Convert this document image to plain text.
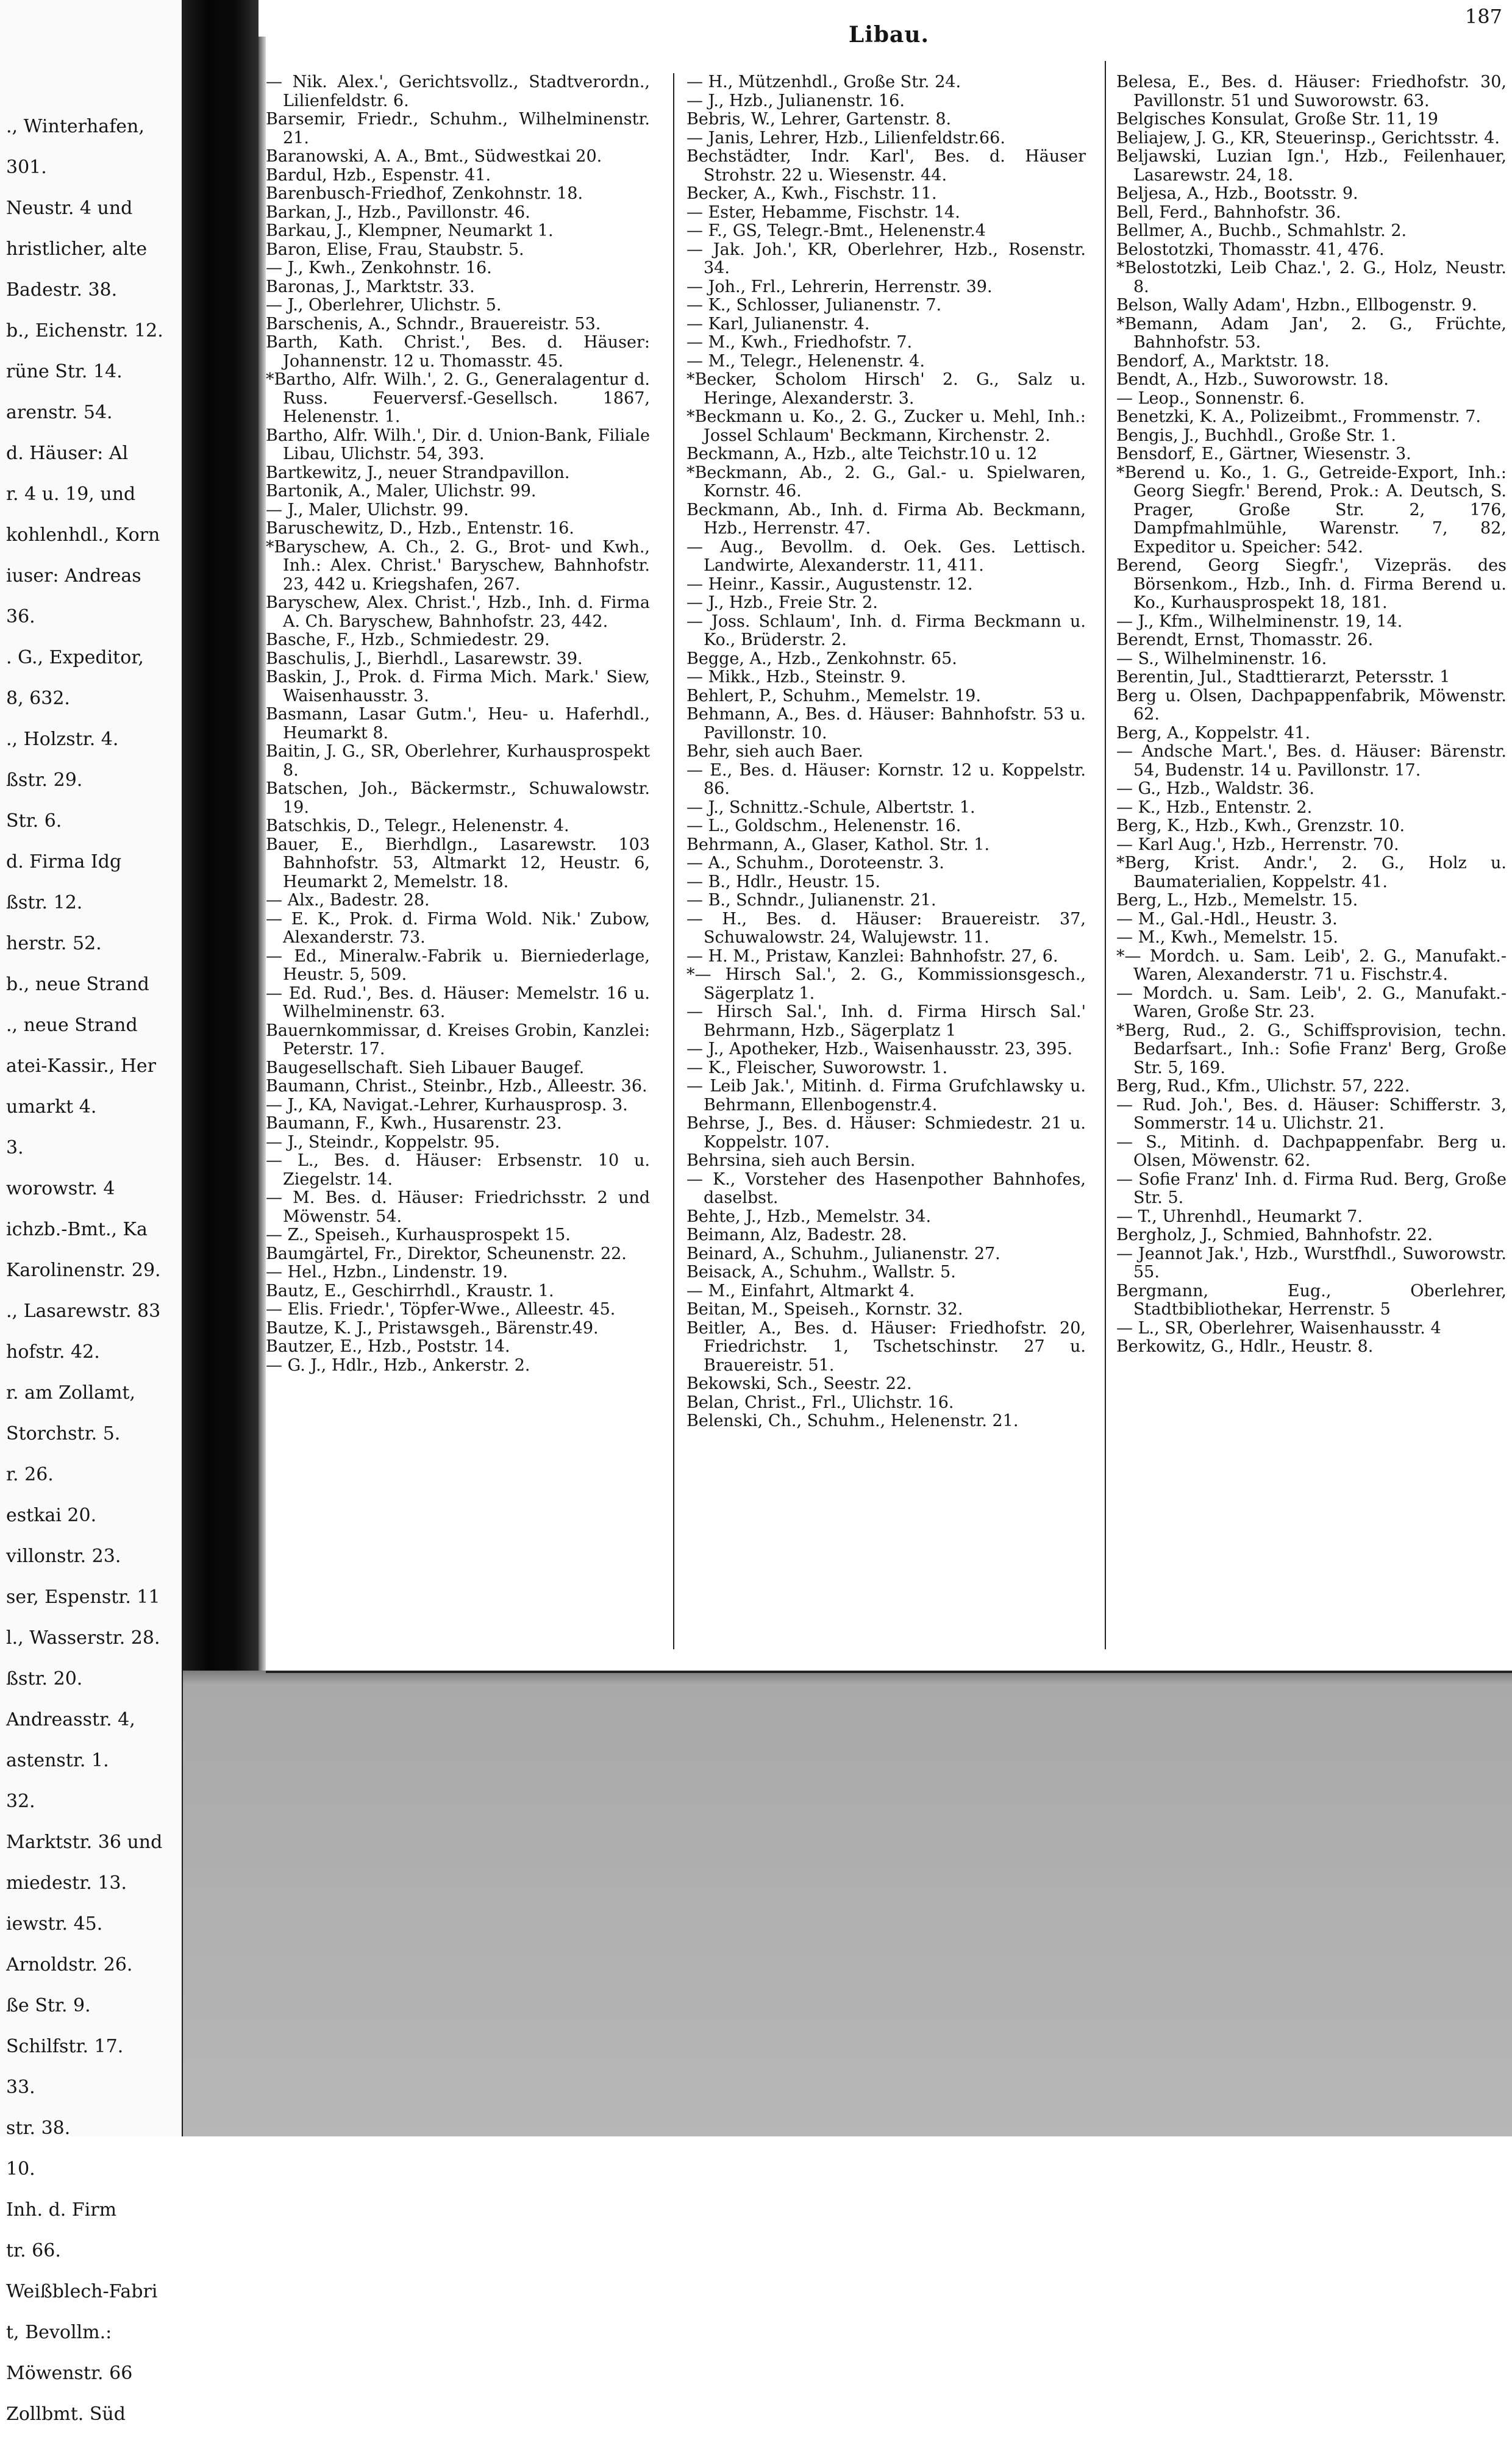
., Winterhafen,
301.
Neustr. 4 und
hristlicher, alte
Badestr. 38.
b., Eichenstr. 12.
rüne Str. 14.
arenstr. 54.
d. Häuser: Al
r. 4 u. 19, und
kohlenhdl., Korn
iuser: Andreas
36.
. G., Expeditor,
8, 632.
., Holzstr. 4.
ßstr. 29.
Str. 6.
d. Firma Idg
ßstr. 12.
herstr. 52.
b., neue Strand
., neue Strand
atei-Kassir., Her
umarkt 4.
3.
worowstr. 4
ichzb.-Bmt., Ka
Karolinenstr. 29.
., Lasarewstr. 83
hofstr. 42.
r. am Zollamt,
Storchstr. 5.
r. 26.
estkai 20.
villonstr. 23.
ser, Espenstr. 11
l., Wasserstr. 28.
ßstr. 20.
Andreasstr. 4,
astenstr. 1.
32.
Marktstr. 36 und
miedestr. 13.
iewstr. 45.
Arnoldstr. 26.
ße Str. 9.
Schilfstr. 17.
33.
str. 38.
10.
Inh. d. Firm
tr. 66.
Weißblech-Fabri
t, Bevollm.:
Möwenstr. 66
Zollbmt. Süd
Libau.
187

— Nik. Alex.', Gerichtsvollz., Stadtverordn., Lilienfeldstr. 6.

Barsemir, Friedr., Schuhm., Wilhelminenstr. 21.

Baranowski, A. A., Bmt., Südwestkai 20.

Bardul, Hzb., Espenstr. 41.

Barenbusch-Friedhof, Zenkohnstr. 18.

Barkan, J., Hzb., Pavillonstr. 46.

Barkau, J., Klempner, Neumarkt 1.

Baron, Elise, Frau, Staubstr. 5.

— J., Kwh., Zenkohnstr. 16.

Baronas, J., Marktstr. 33.

— J., Oberlehrer, Ulichstr. 5.

Barschenis, A., Schndr., Brauereistr. 53.

Barth, Kath. Christ.', Bes. d. Häuser: Johannenstr. 12 u. Thomasstr. 45.

*Bartho, Alfr. Wilh.', 2. G., Generalagentur d. Russ. Feuerversf.-Gesellsch. 1867, Helenenstr. 1.

Bartho, Alfr. Wilh.', Dir. d. Union-Bank, Filiale Libau, Ulichstr. 54, 393.

Bartkewitz, J., neuer Strandpavillon.

Bartonik, A., Maler, Ulichstr. 99.

— J., Maler, Ulichstr. 99.

Baruschewitz, D., Hzb., Entenstr. 16.

*Baryschew, A. Ch., 2. G., Brot- und Kwh., Inh.: Alex. Christ.' Baryschew, Bahnhofstr. 23, 442 u. Kriegshafen, 267.

Baryschew, Alex. Christ.', Hzb., Inh. d. Firma A. Ch. Baryschew, Bahnhofstr. 23, 442.

Basche, F., Hzb., Schmiedestr. 29.

Baschulis, J., Bierhdl., Lasarewstr. 39.

Baskin, J., Prok. d. Firma Mich. Mark.' Siew, Waisenhausstr. 3.

Basmann, Lasar Gutm.', Heu- u. Haferhdl., Heumarkt 8.

Baitin, J. G., SR, Oberlehrer, Kurhausprospekt 8.

Batschen, Joh., Bäckermstr., Schuwalowstr. 19.

Batschkis, D., Telegr., Helenenstr. 4.

Bauer, E., Bierhdlgn., Lasarewstr. 103 Bahnhofstr. 53, Altmarkt 12, Heustr. 6, Heumarkt 2, Memelstr. 18.

— Alx., Badestr. 28.

— E. K., Prok. d. Firma Wold. Nik.' Zubow, Alexanderstr. 73.

— Ed., Mineralw.-Fabrik u. Bierniederlage, Heustr. 5, 509.

— Ed. Rud.', Bes. d. Häuser: Memelstr. 16 u. Wilhelminenstr. 63.

Bauernkommissar, d. Kreises Grobin, Kanzlei: Peterstr. 17.

Baugesellschaft. Sieh Libauer Baugef.

Baumann, Christ., Steinbr., Hzb., Alleestr. 36.

— J., KA, Navigat.-Lehrer, Kurhausprosp. 3.

Baumann, F., Kwh., Husarenstr. 23.

— J., Steindr., Koppelstr. 95.

— L., Bes. d. Häuser: Erbsenstr. 10 u. Ziegelstr. 14.

— M. Bes. d. Häuser: Friedrichsstr. 2 und Möwenstr. 54.

— Z., Speiseh., Kurhausprospekt 15.

Baumgärtel, Fr., Direktor, Scheunenstr. 22.

— Hel., Hzbn., Lindenstr. 19.

Bautz, E., Geschirrhdl., Kraustr. 1.

— Elis. Friedr.', Töpfer-Wwe., Alleestr. 45.

Bautze, K. J., Pristawsgeh., Bärenstr.49.

Bautzer, E., Hzb., Poststr. 14.

— G. J., Hdlr., Hzb., Ankerstr. 2.

— H., Mützenhdl., Große Str. 24.

— J., Hzb., Julianenstr. 16.

Bebris, W., Lehrer, Gartenstr. 8.

— Janis, Lehrer, Hzb., Lilienfeldstr.66.

Bechstädter, Indr. Karl', Bes. d. Häuser Strohstr. 22 u. Wiesenstr. 44.

Becker, A., Kwh., Fischstr. 11.

— Ester, Hebamme, Fischstr. 14.

— F., GS, Telegr.-Bmt., Helenenstr.4

— Jak. Joh.', KR, Oberlehrer, Hzb., Rosenstr. 34.

— Joh., Frl., Lehrerin, Herrenstr. 39.

— K., Schlosser, Julianenstr. 7.

— Karl, Julianenstr. 4.

— M., Kwh., Friedhofstr. 7.

— M., Telegr., Helenenstr. 4.

*Becker, Scholom Hirsch' 2. G., Salz u. Heringe, Alexanderstr. 3.

*Beckmann u. Ko., 2. G., Zucker u. Mehl, Inh.: Jossel Schlaum' Beckmann, Kirchenstr. 2.

Beckmann, A., Hzb., alte Teichstr.10 u. 12

*Beckmann, Ab., 2. G., Gal.- u. Spielwaren, Kornstr. 46.

Beckmann, Ab., Inh. d. Firma Ab. Beckmann, Hzb., Herrenstr. 47.

— Aug., Bevollm. d. Oek. Ges. Lettisch. Landwirte, Alexanderstr. 11, 411.

— Heinr., Kassir., Augustenstr. 12.

— J., Hzb., Freie Str. 2.

— Joss. Schlaum', Inh. d. Firma Beckmann u. Ko., Brüderstr. 2.

Begge, A., Hzb., Zenkohnstr. 65.

— Mikk., Hzb., Steinstr. 9.

Behlert, P., Schuhm., Memelstr. 19.

Behmann, A., Bes. d. Häuser: Bahnhofstr. 53 u. Pavillonstr. 10.

Behr, sieh auch Baer.

— E., Bes. d. Häuser: Kornstr. 12 u. Koppelstr. 86.

— J., Schnittz.-Schule, Albertstr. 1.

— L., Goldschm., Helenenstr. 16.

Behrmann, A., Glaser, Kathol. Str. 1.

— A., Schuhm., Doroteenstr. 3.

— B., Hdlr., Heustr. 15.

— B., Schndr., Julianenstr. 21.

— H., Bes. d. Häuser: Brauereistr. 37, Schuwalowstr. 24, Walujewstr. 11.

— H. M., Pristaw, Kanzlei: Bahnhofstr. 27, 6.

*— Hirsch Sal.', 2. G., Kommissionsgesch., Sägerplatz 1.

— Hirsch Sal.', Inh. d. Firma Hirsch Sal.' Behrmann, Hzb., Sägerplatz 1

— J., Apotheker, Hzb., Waisenhausstr. 23, 395.

— K., Fleischer, Suworowstr. 1.

— Leib Jak.', Mitinh. d. Firma Grufchlawsky u. Behrmann, Ellenbogenstr.4.

Behrse, J., Bes. d. Häuser: Schmiedestr. 21 u. Koppelstr. 107.

Behrsina, sieh auch Bersin.

— K., Vorsteher des Hasenpother Bahnhofes, daselbst.

Behte, J., Hzb., Memelstr. 34.

Beimann, Alz, Badestr. 28.

Beinard, A., Schuhm., Julianenstr. 27.

Beisack, A., Schuhm., Wallstr. 5.

— M., Einfahrt, Altmarkt 4.

Beitan, M., Speiseh., Kornstr. 32.

Beitler, A., Bes. d. Häuser: Friedhofstr. 20, Friedrichstr. 1, Tschetschinstr. 27 u. Brauereistr. 51.

Bekowski, Sch., Seestr. 22.

Belan, Christ., Frl., Ulichstr. 16.

Belenski, Ch., Schuhm., Helenenstr. 21.

Belesa, E., Bes. d. Häuser: Friedhofstr. 30, Pavillonstr. 51 und Suworowstr. 63.

Belgisches Konsulat, Große Str. 11, 19

Beliajew, J. G., KR, Steuerinsp., Gerichtsstr. 4.

Beljawski, Luzian Ign.', Hzb., Feilenhauer, Lasarewstr. 24, 18.

Beljesa, A., Hzb., Bootsstr. 9.

Bell, Ferd., Bahnhofstr. 36.

Bellmer, A., Buchb., Schmahlstr. 2.

Belostotzki, Thomasstr. 41, 476.

*Belostotzki, Leib Chaz.', 2. G., Holz, Neustr. 8.

Belson, Wally Adam', Hzbn., Ellbogenstr. 9.

*Bemann, Adam Jan', 2. G., Früchte, Bahnhofstr. 53.

Bendorf, A., Marktstr. 18.

Bendt, A., Hzb., Suworowstr. 18.

— Leop., Sonnenstr. 6.

Benetzki, K. A., Polizeibmt., Frommenstr. 7.

Bengis, J., Buchhdl., Große Str. 1.

Bensdorf, E., Gärtner, Wiesenstr. 3.

*Berend u. Ko., 1. G., Getreide-Export, Inh.: Georg Siegfr.' Berend, Prok.: A. Deutsch, S. Prager, Große Str. 2, 176, Dampfmahlmühle, Warenstr. 7, 82, Expeditor u. Speicher: 542.

Berend, Georg Siegfr.', Vizepräs. des Börsenkom., Hzb., Inh. d. Firma Berend u. Ko., Kurhausprospekt 18, 181.

— J., Kfm., Wilhelminenstr. 19, 14.

Berendt, Ernst, Thomasstr. 26.

— S., Wilhelminenstr. 16.

Berentin, Jul., Stadttierarzt, Petersstr. 1

Berg u. Olsen, Dachpappenfabrik, Möwenstr. 62.

Berg, A., Koppelstr. 41.

— Andsche Mart.', Bes. d. Häuser: Bärenstr. 54, Budenstr. 14 u. Pavillonstr. 17.

— G., Hzb., Waldstr. 36.

— K., Hzb., Entenstr. 2.

Berg, K., Hzb., Kwh., Grenzstr. 10.

— Karl Aug.', Hzb., Herrenstr. 70.

*Berg, Krist. Andr.', 2. G., Holz u. Baumaterialien, Koppelstr. 41.

Berg, L., Hzb., Memelstr. 15.

— M., Gal.-Hdl., Heustr. 3.

— M., Kwh., Memelstr. 15.

*— Mordch. u. Sam. Leib', 2. G., Manufakt.-Waren, Alexanderstr. 71 u. Fischstr.4.

— Mordch. u. Sam. Leib', 2. G., Manufakt.-Waren, Große Str. 23.

*Berg, Rud., 2. G., Schiffsprovision, techn. Bedarfsart., Inh.: Sofie Franz' Berg, Große Str. 5, 169.

Berg, Rud., Kfm., Ulichstr. 57, 222.

— Rud. Joh.', Bes. d. Häuser: Schifferstr. 3, Sommerstr. 14 u. Ulichstr. 21.

— S., Mitinh. d. Dachpappenfabr. Berg u. Olsen, Möwenstr. 62.

— Sofie Franz' Inh. d. Firma Rud. Berg, Große Str. 5.

— T., Uhrenhdl., Heumarkt 7.

Bergholz, J., Schmied, Bahnhofstr. 22.

— Jeannot Jak.', Hzb., Wurstfhdl., Suworowstr. 55.

Bergmann, Eug., Oberlehrer, Stadtbibliothekar, Herrenstr. 5

— L., SR, Oberlehrer, Waisenhausstr. 4

Berkowitz, G., Hdlr., Heustr. 8.
